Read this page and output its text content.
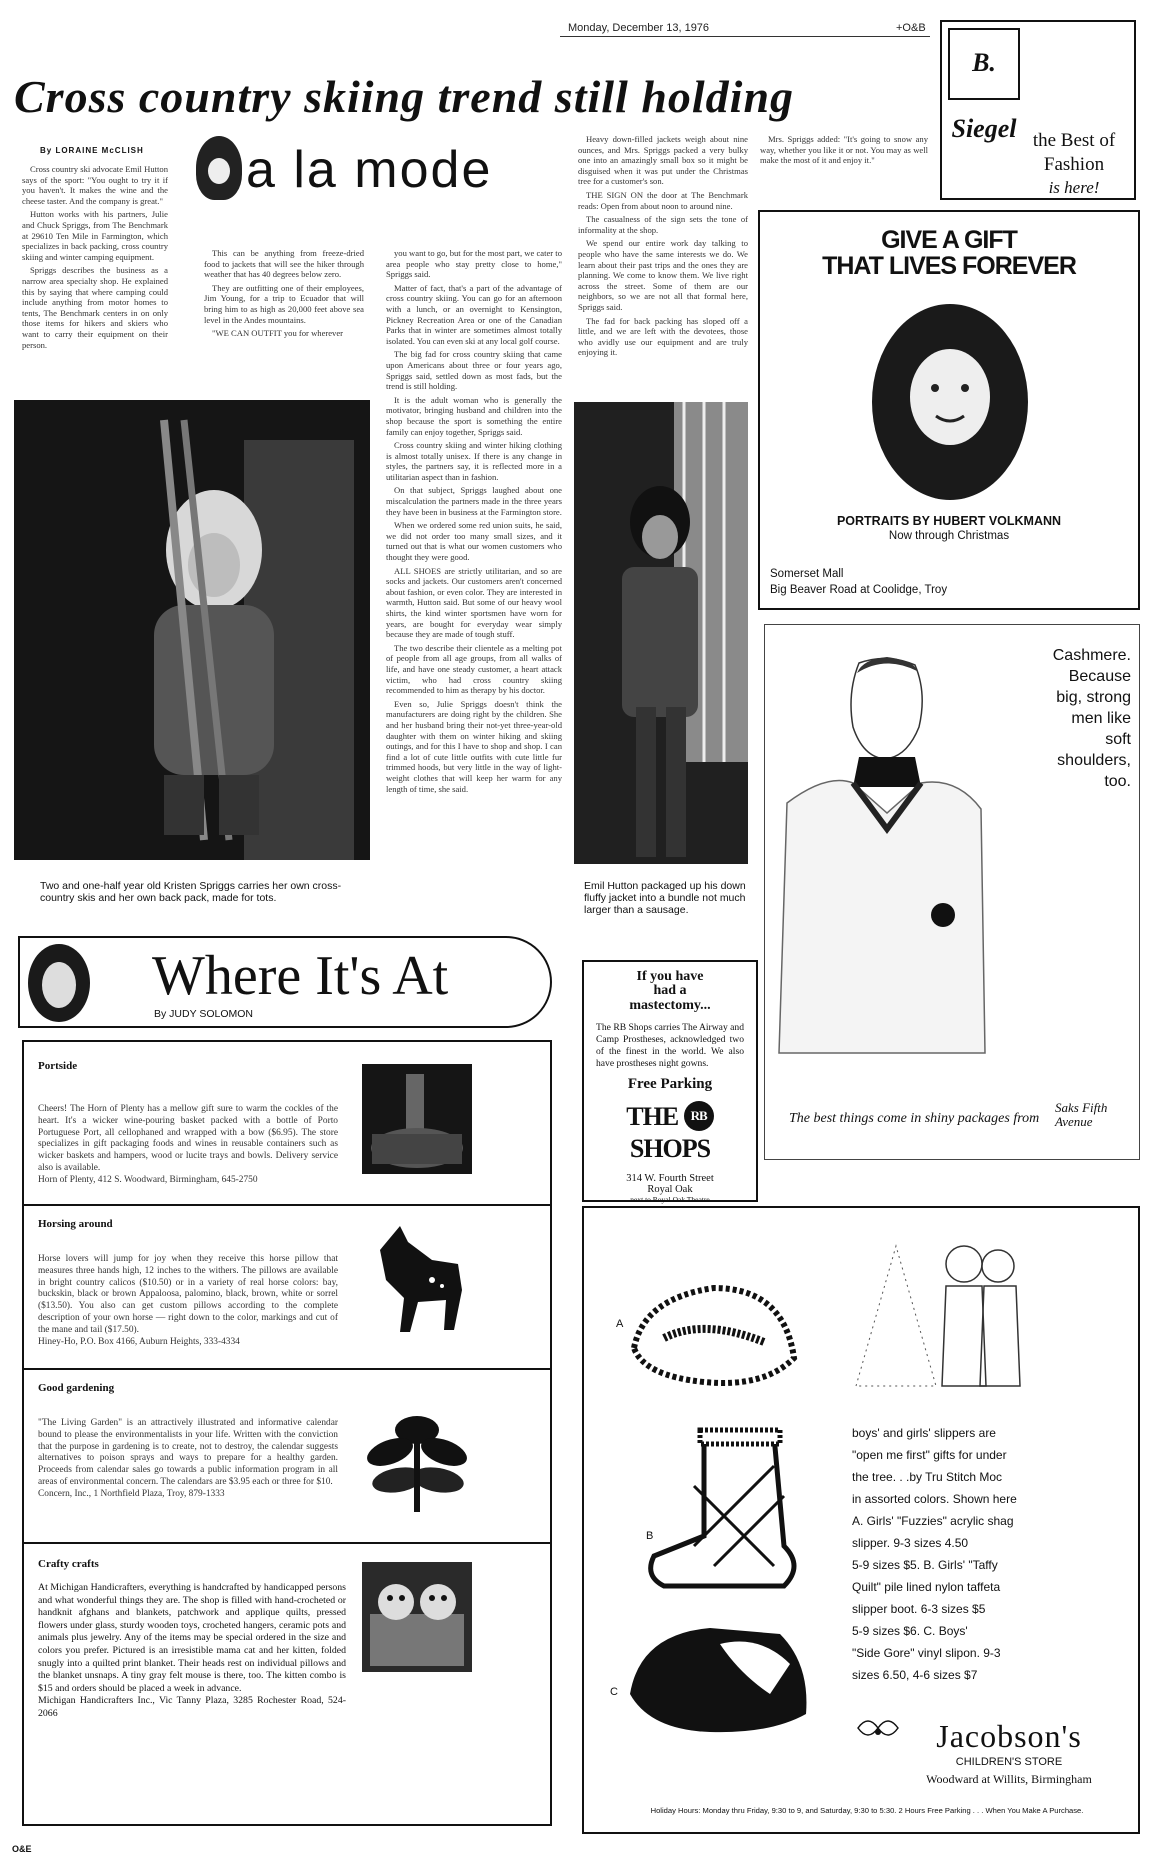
Monday, December 13, 1976	+O&B
Cross country skiing trend still holding
B. Siegel the Best of
Fashion
is here!
By LORAINE McCLISH a la mode

Cross country ski advocate Emil Hutton says of the sport: "You ought to try it if you haven't. It makes the wine and the cheese taster. And the company is great."

Hutton works with his partners, Julie and Chuck Spriggs, from The Benchmark at 29610 Ten Mile in Farmington, which specializes in back packing, cross country skiing and winter camping equipment.

Spriggs describes the business as a narrow area specialty shop. He explained this by saying that where camping could include anything from motor homes to tents, The Benchmark centers in on only those items for hikers and skiers who want to carry their equipment on their person.

This can be anything from freeze-dried food to jackets that will see the hiker through weather that has 40 degrees below zero.

They are outfitting one of their employees, Jim Young, for a trip to Ecuador that will bring him to as high as 20,000 feet above sea level in the Andes mountains.

"WE CAN OUTFIT you for wherever

you want to go, but for the most part, we cater to area people who stay pretty close to home," Spriggs said.

Matter of fact, that's a part of the advantage of cross country skiing. You can go for an afternoon with a lunch, or an overnight to Kensington, Pickney Recreation Area or one of the Canadian Parks that in winter are sometimes almost totally isolated. You can even ski at any local golf course.

The big fad for cross country skiing that came upon Americans about three or four years ago, Spriggs said, settled down as most fads, but the trend is still holding.

It is the adult woman who is generally the motivator, bringing husband and children into the shop because the sport is something the entire family can enjoy together, Spriggs said.

Cross country skiing and winter hiking clothing is almost totally unisex. If there is any change in styles, the partners say, it is reflected more in a utilitarian aspect than in fashion.

On that subject, Spriggs laughed about one miscalculation the partners made in the three years they have been in business at the Farmington store.

When we ordered some red union suits, he said, we did not order too many small sizes, and it turned out that is what our women customers who thought they were good.

ALL SHOES are strictly utilitarian, and so are socks and jackets. Our customers aren't concerned about fashion, or even color. They are interested in warmth, Hutton said. But some of our heavy wool shirts, the kind winter sportsmen have worn for years, are bought for everyday wear simply because they are made of tough stuff.

The two describe their clientele as a melting pot of people from all age groups, from all walks of life, and have one steady customer, a heart attack victim, who had cross country skiing recommended to him as therapy by his doctor.

Even so, Julie Spriggs doesn't think the manufacturers are doing right by the children. She and her husband bring their not-yet three-year-old daughter with them on winter hiking and skiing outings, and for this I have to shop and shop. I can find a lot of cute little outfits with cute little fur trimmed hoods, but very little in the way of light-weight clothes that will keep her warm for any length of time, she said.

Heavy down-filled jackets weigh about nine ounces, and Mrs. Spriggs packed a very bulky one into an amazingly small box so it might be disguised when it was put under the Christmas tree for a customer's son.

THE SIGN ON the door at The Benchmark reads: Open from about noon to around nine.

The casualness of the sign sets the tone of informality at the shop.

We spend our entire work day talking to people who have the same interests we do. We learn about their past trips and the ones they are planning. We come to know them. We live right across the street. Some of them are our neighbors, so we are not all that formal here, Spriggs said.

The fad for back packing has sloped off a little, and we are left with the devotees, those who avidly use our equipment and are truly enjoying it.

Mrs. Spriggs added: "It's going to snow any way, whether you like it or not. You may as well make the most of it and enjoy it."

Two and one-half year old Kristen Spriggs carries her own cross-country skis and her own back pack, made for tots.
Emil Hutton packaged up his down fluffy jacket into a bundle not much larger than a sausage.
GIVE A GIFT
THAT LIVES FOREVER
PORTRAITS BY HUBERT VOLKMANN
Now through Christmas
Somerset Mall
Big Beaver Road at Coolidge, Troy
Cashmere.
Because
big, strong
men like
soft
shoulders,
too.
The best things come in shiny packages from
Saks Fifth Avenue
Where It's At
By JUDY SOLOMON
Portside
Cheers! The Horn of Plenty has a mellow gift sure to warm the cockles of the heart. It's a wicker wine-pouring basket packed with a bottle of Porto Portuguese Port, all cellophaned and wrapped with a bow ($6.95). The store specializes in gift packaging foods and wines in reusable containers such as wicker baskets and hampers, wood or lucite trays and bowls. Delivery service also is available.
Horn of Plenty, 412 S. Woodward, Birmingham, 645-2750
Horsing around
Horse lovers will jump for joy when they receive this horse pillow that measures three hands high, 12 inches to the withers. The pillows are available in bright country calicos ($10.50) or in a variety of real horse colors: bay, buckskin, black or brown Appaloosa, palomino, black, brown, white or sorrel ($13.50). You also can get custom pillows according to the complete description of your own horse — right down to the color, markings and cut of the mane and tail ($17.50).
Hiney-Ho, P.O. Box 4166, Auburn Heights, 333-4334
Good gardening
"The Living Garden" is an attractively illustrated and informative calendar bound to please the environmentalists in your life. Written with the conviction that the purpose in gardening is to create, not to destroy, the calendar suggests alternatives to poison sprays and ways to prepare for a healthy garden. Proceeds from calendar sales go towards a public information program in all areas of environmental concern. The calendars are $3.95 each or three for $10.
Concern, Inc., 1 Northfield Plaza, Troy, 879-1333
Crafty crafts
At Michigan Handicrafters, everything is handcrafted by handicapped persons and what wonderful things they are. The shop is filled with hand-crocheted or handknit afghans and blankets, patchwork and applique quilts, pressed flowers under glass, sturdy wooden toys, crocheted hangers, ceramic pots and animals plus jewelry. Any of the items may be special ordered in the size and colors you prefer. Pictured is an irresistible mama cat and her kitten, folded snugly into a quilted print blanket. Their heads rest on individual pillows and the blanket unsnaps. A tiny gray felt mouse is there, too. The kitten combo is $15 and orders should be placed a week in advance.
Michigan Handicrafters Inc., Vic Tanny Plaza, 3285 Rochester Road, 524-2066
If you have
had a
mastectomy...
The RB Shops carries The Airway and Camp Prostheses, acknowledged two of the finest in the world. We also have prostheses night gowns.
Free Parking
THE RB SHOPS
314 W. Fourth Street
Royal Oak
next to Royal Oak Theatre
A
B
C
boys' and girls' slippers are
"open me first" gifts for under
the tree. . .by Tru Stitch Moc
in assorted colors. Shown here
A. Girls' "Fuzzies" acrylic shag
slipper. 9-3 sizes 4.50
5-9 sizes $5. B. Girls' "Taffy
Quilt" pile lined nylon taffeta
slipper boot. 6-3 sizes $5
5-9 sizes $6. C. Boys'
"Side Gore" vinyl slipon. 9-3
sizes 6.50, 4-6 sizes $7
Jacobson's
CHILDREN'S STORE
Woodward at Willits, Birmingham
Holiday Hours: Monday thru Friday, 9:30 to 9, and Saturday, 9:30 to 5:30. 2 Hours Free Parking . . . When You Make A Purchase.
O&E
